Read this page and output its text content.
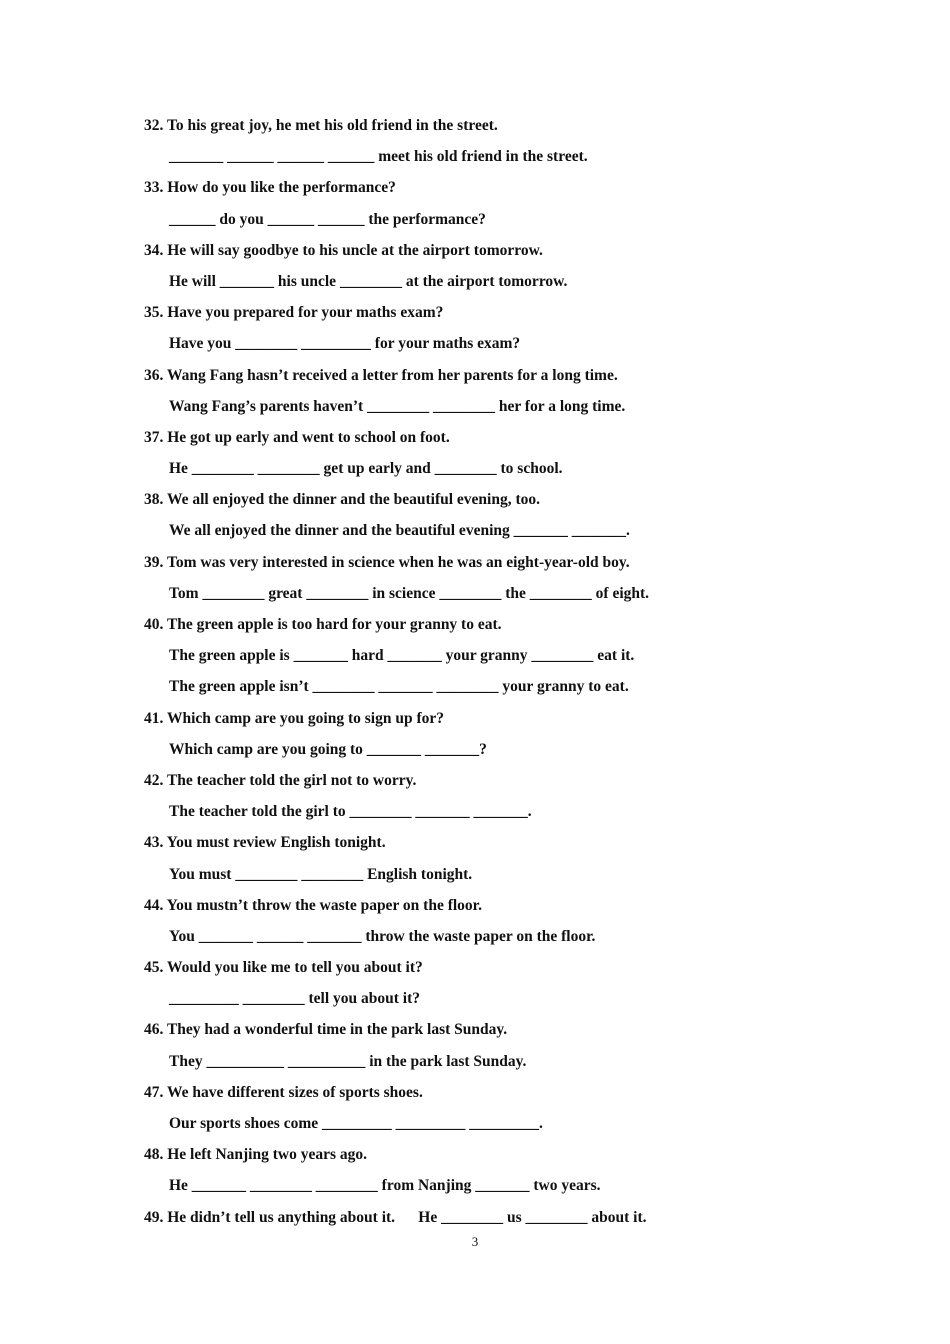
32. To his great joy, he met his old friend in the street.
_______ ______ ______ ______ meet his old friend in the street.
33. How do you like the performance?
______ do you ______ ______ the performance?
34. He will say goodbye to his uncle at the airport tomorrow.
He will _______ his uncle ________ at the airport tomorrow.
35. Have you prepared for your maths exam?
Have you ________ _________ for your maths exam?
36. Wang Fang hasn’t received a letter from her parents for a long time.
Wang Fang’s parents haven’t ________ ________ her for a long time.
37. He got up early and went to school on foot.
He ________ ________ get up early and ________ to school.
38. We all enjoyed the dinner and the beautiful evening, too.
We all enjoyed the dinner and the beautiful evening _______ _______.
39. Tom was very interested in science when he was an eight-year-old boy.
Tom ________ great ________ in science ________ the ________ of eight.
40. The green apple is too hard for your granny to eat.
The green apple is _______ hard _______ your granny ________ eat it.
The green apple isn’t ________ _______ ________ your granny to eat.
41. Which camp are you going to sign up for?
Which camp are you going to _______ _______?
42. The teacher told the girl not to worry.
The teacher told the girl to ________ _______ _______.
43. You must review English tonight.
You must ________ ________ English tonight.
44. You mustn’t throw the waste paper on the floor.
You _______ ______ _______ throw the waste paper on the floor.
45. Would you like me to tell you about it?
_________ ________ tell you about it?
46. They had a wonderful time in the park last Sunday.
They __________ __________ in the park last Sunday.
47. We have different sizes of sports shoes.
Our sports shoes come _________ _________ _________.
48. He left Nanjing two years ago.
He _______ ________ ________ from Nanjing _______ two years.
49. He didn’t tell us anything about it.      He ________ us ________ about it.
3
